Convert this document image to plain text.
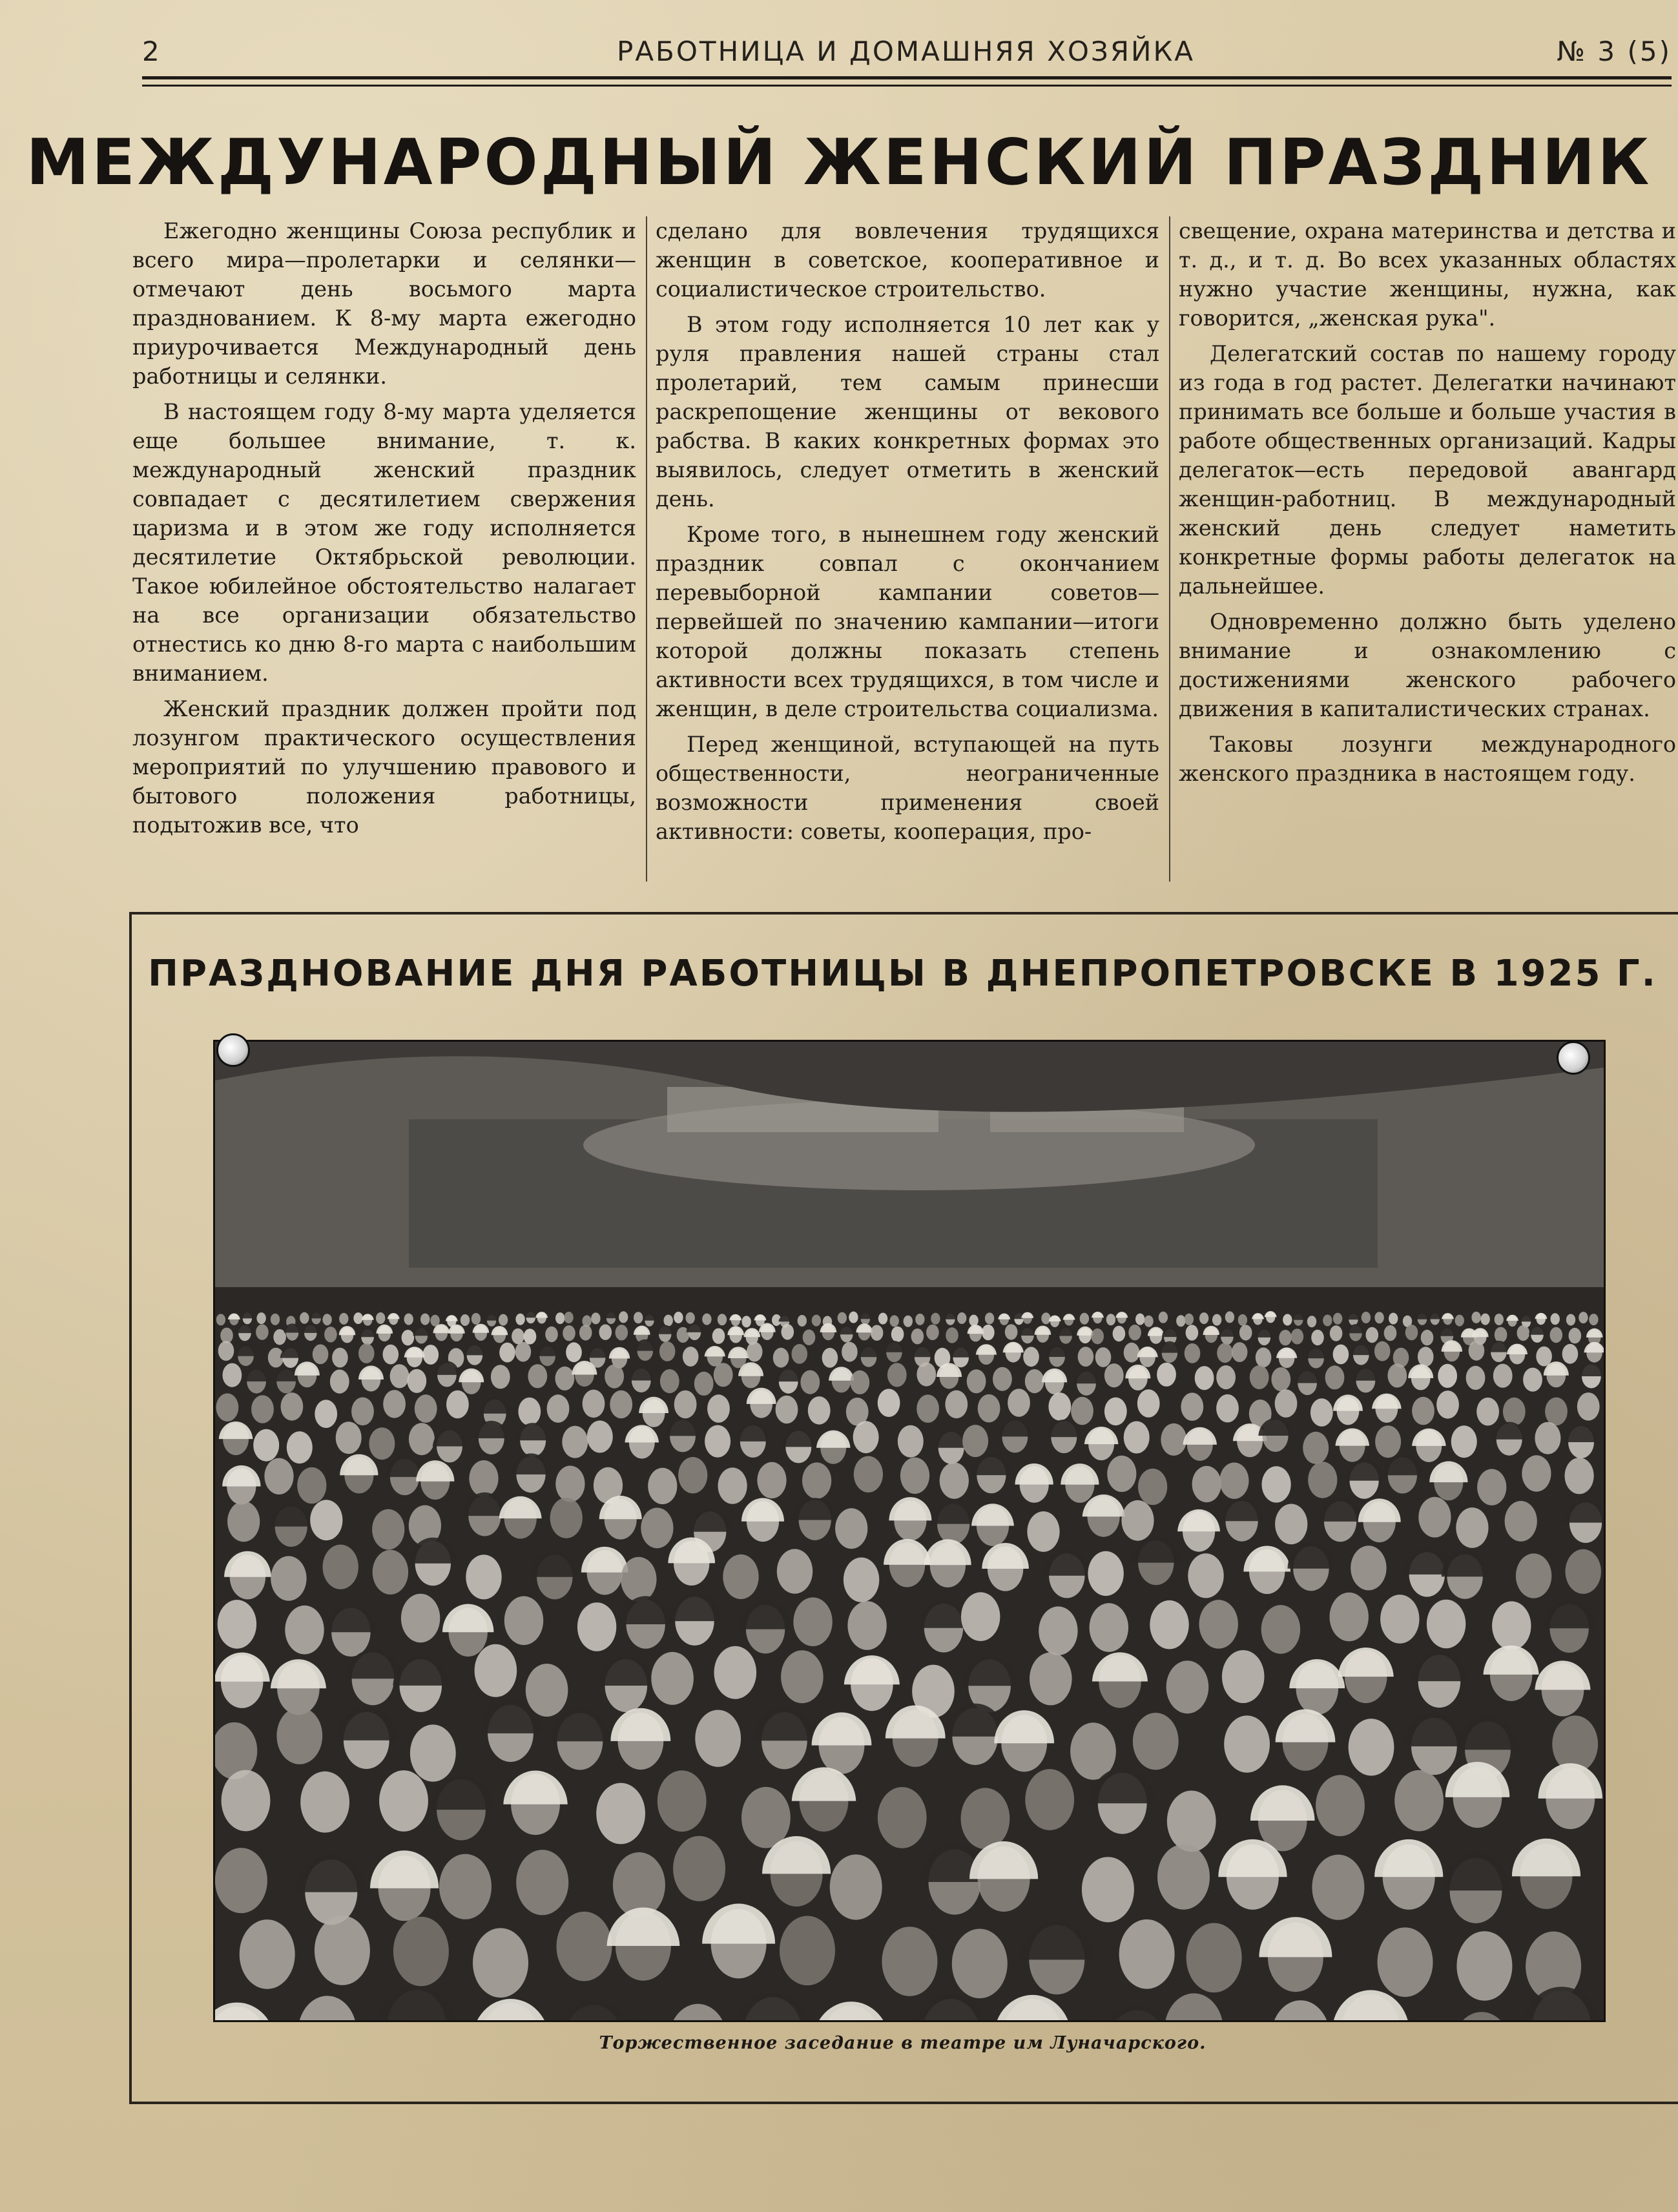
2	РАБОТНИЦА И ДОМАШНЯЯ ХОЗЯЙКА	№ 3 (5)
МЕЖДУНАРОДНЫЙ ЖЕНСКИЙ ПРАЗДНИК

Ежегодно женщины Союза республик и всего мира—пролетарки и селянки—отмечают день восьмого марта празднованием. К 8-му марта ежегодно приурочивается Международный день работницы и селянки.

В настоящем году 8-му марта уделяется еще большее внимание, т. к. международный женский праздник совпадает с десятилетием свержения царизма и в этом же году исполняется десятилетие Октябрьской революции. Такое юбилейное обстоятельство налагает на все организации обязательство отнестись ко дню 8-го марта с наибольшим вниманием.

Женский праздник должен пройти под лозунгом практического осуществления мероприятий по улучшению правового и бытового положения работницы, подытожив все, что

сделано для вовлечения трудящихся женщин в советское, кооперативное и социалистическое строительство.

В этом году исполняется 10 лет как у руля правления нашей страны стал пролетарий, тем самым принесши раскрепощение женщины от векового рабства. В каких конкретных формах это выявилось, следует отметить в женский день.

Кроме того, в нынешнем году женский праздник совпал с окончанием перевыборной кампании советов—первейшей по значению кампании—итоги которой должны показать степень активности всех трудящихся, в том числе и женщин, в деле строительства социализма.

Перед женщиной, вступающей на путь общественности, неограниченные возможности применения своей активности: советы, кооперация, про-

свещение, охрана материнства и детства и т. д., и т. д. Во всех указанных областях нужно участие женщины, нужна, как говорится, „женская рука".

Делегатский состав по нашему городу из года в год растет. Делегатки начинают принимать все больше и больше участия в работе общественных организаций. Кадры делегаток—есть передовой авангард женщин-работниц. В международный женский день следует наметить конкретные формы работы делегаток на дальнейшее.

Одновременно должно быть уделено внимание и ознакомлению с достижениями женского рабочего движения в капиталистических странах.

Таковы лозунги международного женского праздника в настоящем году.

ПРАЗДНОВАНИЕ ДНЯ РАБОТНИЦЫ В ДНЕПРОПЕТРОВСКЕ В 1925 Г.
Торжественное заседание в театре им Луначарского.
